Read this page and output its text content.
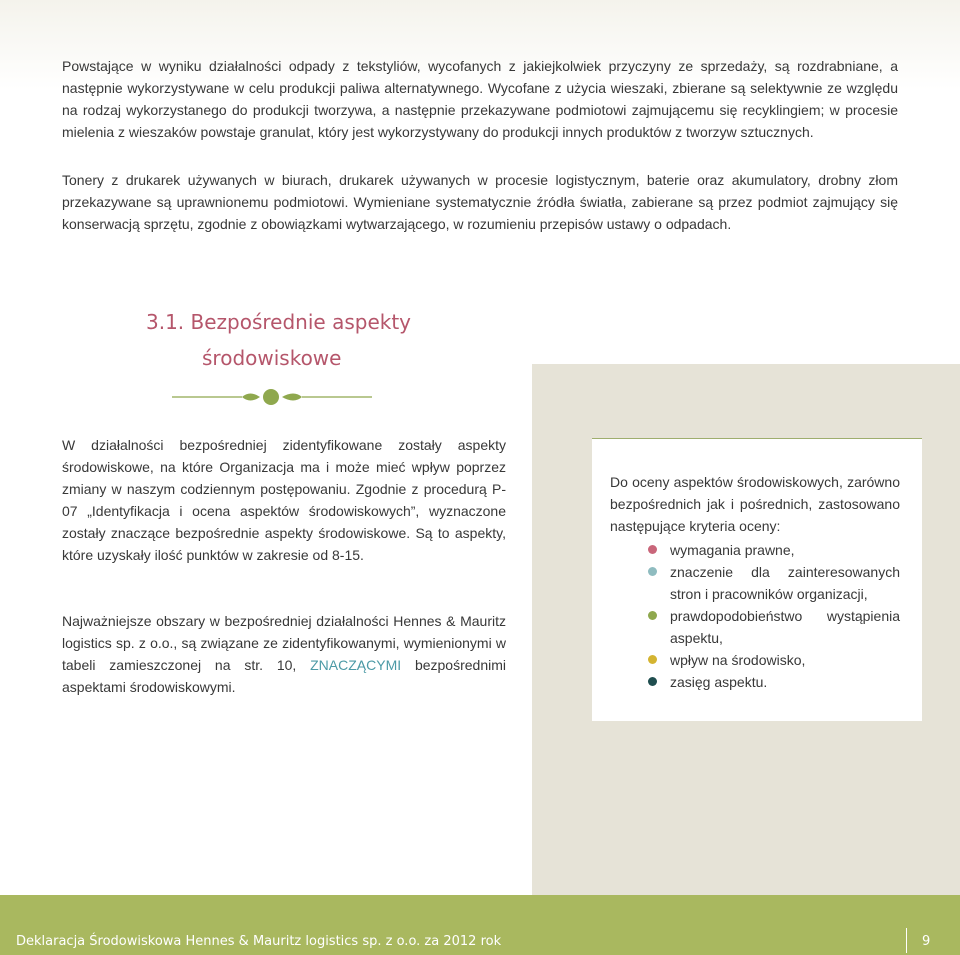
Powstające w wyniku działalności odpady z tekstyliów, wycofanych z jakiejkolwiek przyczyny ze sprzedaży, są rozdrabniane, a następnie wykorzystywane w celu produkcji paliwa alternatywnego. Wycofane z użycia wieszaki, zbierane są selektywnie ze względu na rodzaj wykorzystanego do produkcji tworzywa, a następnie przekazywane podmiotowi zajmującemu się recyklingiem; w procesie mielenia z wieszaków powstaje granulat, który jest wykorzystywany do produkcji innych produktów z tworzyw sztucznych.

Tonery z drukarek używanych w biurach, drukarek używanych w procesie logistycznym, baterie oraz akumulatory, drobny złom przekazywane są uprawnionemu podmiotowi. Wymieniane systematycznie źródła światła, zabierane są przez podmiot zajmujący się konserwacją sprzętu, zgodnie z obowiązkami wytwarzającego, w rozumieniu przepisów ustawy o odpadach.

3.1. Bezpośrednie aspekty
środowiskowe

W działalności bezpośredniej zidentyfikowane zostały aspekty środowiskowe, na które Organizacja ma i może mieć wpływ poprzez zmiany w naszym codziennym postępowaniu. Zgodnie z procedurą P-07 „Identyfikacja i ocena aspektów środowiskowych”, wyznaczone zostały znaczące bezpośrednie aspekty środowiskowe. Są to aspekty, które uzyskały ilość punktów w zakresie od 8-15.

Najważniejsze obszary w bezpośredniej działalności Hennes & Mauritz logistics sp. z o.o., są związane ze zidentyfikowanymi, wymienionymi w tabeli zamieszczonej na str. 10, ZNACZĄCYMI bezpośrednimi aspektami środowiskowymi.

Do oceny aspektów środowiskowych, zarówno bezpośrednich jak i pośrednich, zastosowano następujące kryteria oceny:

wymagania prawne,
znaczenie dla zainteresowanych stron i pracowników organizacji,
prawdopodobieństwo wystąpienia aspektu,
wpływ na środowisko,
zasięg aspektu.
Deklaracja Środowiskowa Hennes & Mauritz logistics sp. z o.o. za 2012 rok	9
